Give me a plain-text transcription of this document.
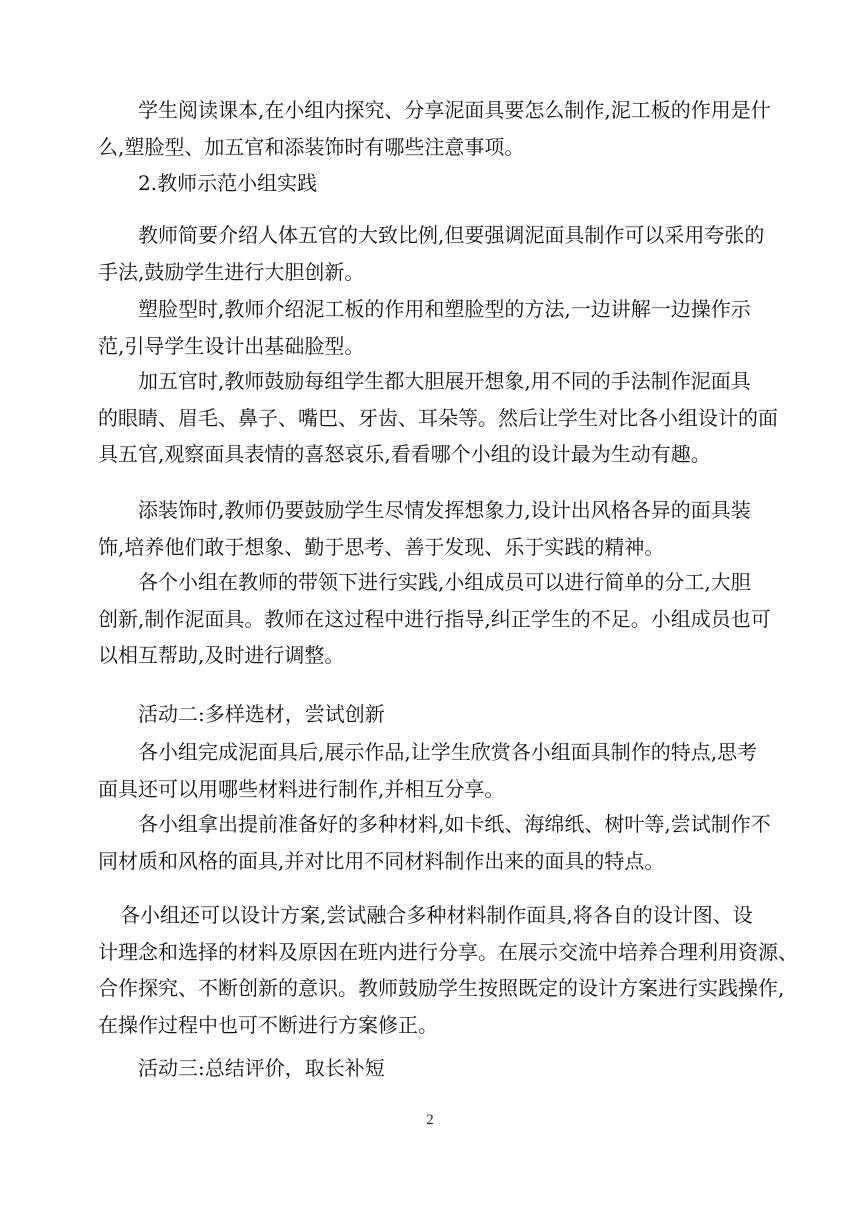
学生阅读课本,在小组内探究、分享泥面具要怎么制作,泥工板的作用是什
么,塑脸型、加五官和添装饰时有哪些注意事项。

2.教师示范小组实践

教师简要介绍人体五官的大致比例,但要强调泥面具制作可以采用夸张的
手法,鼓励学生进行大胆创新。

塑脸型时,教师介绍泥工板的作用和塑脸型的方法,一边讲解一边操作示
范,引导学生设计出基础脸型。

加五官时,教师鼓励每组学生都大胆展开想象,用不同的手法制作泥面具
的眼睛、眉毛、鼻子、嘴巴、牙齿、耳朵等。然后让学生对比各小组设计的面
具五官,观察面具表情的喜怒哀乐,看看哪个小组的设计最为生动有趣。

添装饰时,教师仍要鼓励学生尽情发挥想象力,设计出风格各异的面具装
饰,培养他们敢于想象、勤于思考、善于发现、乐于实践的精神。

各个小组在教师的带领下进行实践,小组成员可以进行简单的分工,大胆
创新,制作泥面具。教师在这过程中进行指导,纠正学生的不足。小组成员也可
以相互帮助,及时进行调整。

活动二:多样选材，尝试创新

各小组完成泥面具后,展示作品,让学生欣赏各小组面具制作的特点,思考
面具还可以用哪些材料进行制作,并相互分享。

各小组拿出提前准备好的多种材料,如卡纸、海绵纸、树叶等,尝试制作不
同材质和风格的面具,并对比用不同材料制作出来的面具的特点。

各小组还可以设计方案,尝试融合多种材料制作面具,将各自的设计图、设
计理念和选择的材料及原因在班内进行分享。在展示交流中培养合理利用资源、
合作探究、不断创新的意识。教师鼓励学生按照既定的设计方案进行实践操作,
在操作过程中也可不断进行方案修正。

活动三:总结评价，取长补短

2
